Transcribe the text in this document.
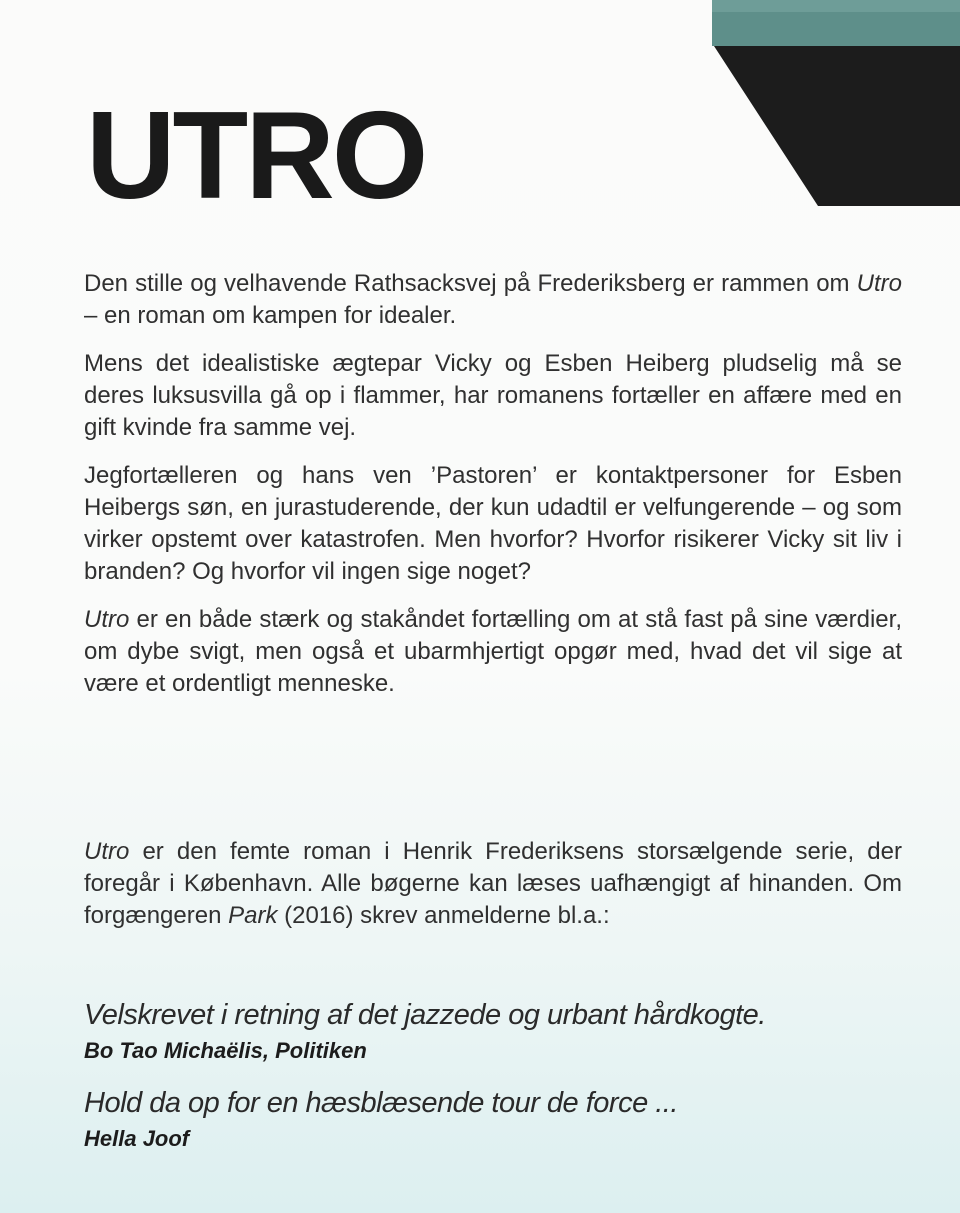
UTRO

Den stille og velhavende Rathsacksvej på Frederiksberg er rammen om Utro – en roman om kampen for idealer.

Mens det idealistiske ægtepar Vicky og Esben Heiberg pludselig må se deres luksusvilla gå op i flammer, har romanens fortæller en affære med en gift kvinde fra samme vej.

Jegfortælleren og hans ven ’Pastoren’ er kontaktpersoner for Esben Heibergs søn, en jurastuderende, der kun udadtil er velfungerende – og som virker opstemt over katastrofen. Men hvorfor? Hvorfor risikerer Vicky sit liv i branden? Og hvorfor vil ingen sige noget?

Utro er en både stærk og stakåndet fortælling om at stå fast på sine værdier, om dybe svigt, men også et ubarmhjertigt opgør med, hvad det vil sige at være et ordentligt menneske.

Utro er den femte roman i Henrik Frederiksens storsælgende serie, der foregår i København. Alle bøgerne kan læses uafhængigt af hinanden. Om forgængeren Park (2016) skrev anmelderne bl.a.:

Velskrevet i retning af det jazzede og urbant hårdkogte.
Bo Tao Michaëlis, Politiken
Hold da op for en hæsblæsende tour de force ...
Hella Joof
